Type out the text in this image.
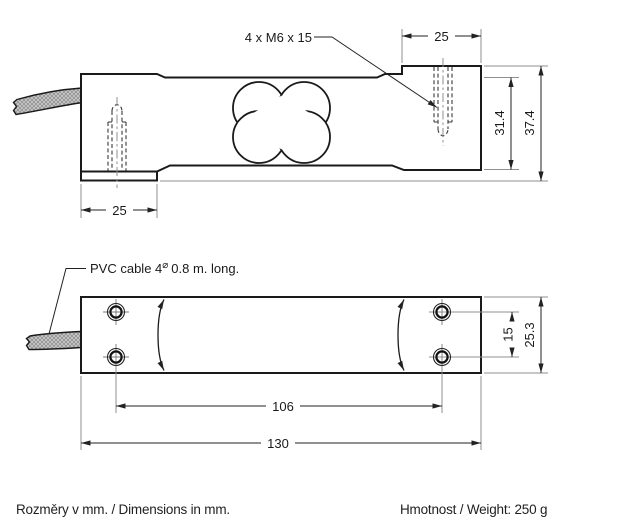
4 x M6 x 15	25
31.4 37.4
25
PVC cable 4⌀ 0.8 m. long.
15 25.3
106
130
Rozměry v mm. / Dimensions in mm.	Hmotnost / Weight: 250 g
